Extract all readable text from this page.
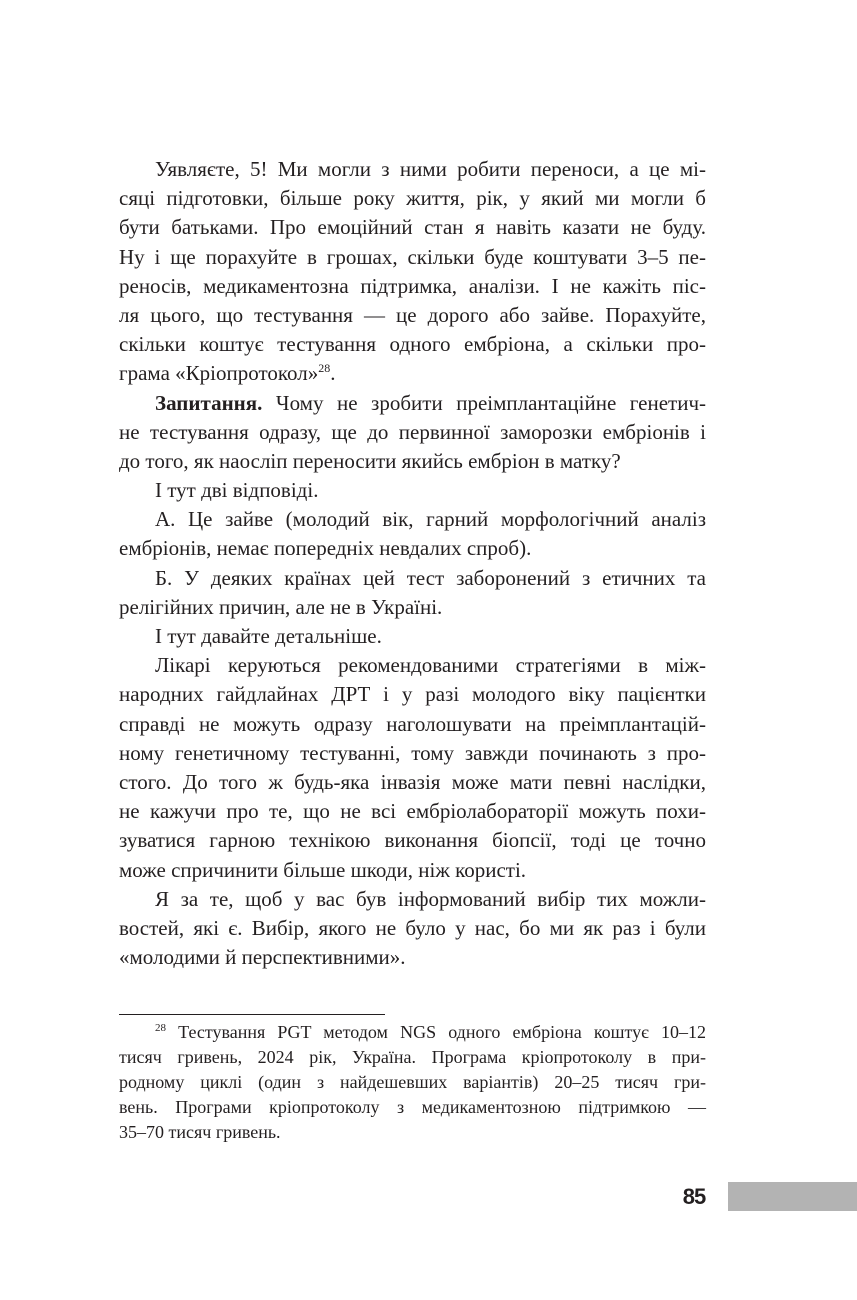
Уявляєте, 5! Ми могли з ними робити переноси, а це мі-
сяці підготовки, більше року життя, рік, у який ми могли б
бути батьками. Про емоційний стан я навіть казати не буду.
Ну і ще порахуйте в грошах, скільки буде коштувати 3–5 пе-
реносів, медикаментозна підтримка, аналізи. І не кажіть піс-
ля цього, що тестування — це дорого або зайве. Порахуйте,
скільки коштує тестування одного ембріона, а скільки про-
грама «Кріопротокол»$^{28}$.
Запитання. Чому не зробити преімплантаційне генетич-
не тестування одразу, ще до первинної заморозки ембріонів і
до того, як наосліп переносити якийсь ембріон в матку?
І тут дві відповіді.
А. Це зайве (молодий вік, гарний морфологічний аналіз
ембріонів, немає попередніх невдалих спроб).
Б. У деяких країнах цей тест заборонений з етичних та
релігійних причин, але не в Україні.
І тут давайте детальніше.
Лікарі керуються рекомендованими стратегіями в між-
народних гайдлайнах ДРТ і у разі молодого віку пацієнтки
справді не можуть одразу наголошувати на преімплантацій-
ному генетичному тестуванні, тому завжди починають з про-
стого. До того ж будь-яка інвазія може мати певні наслідки,
не кажучи про те, що не всі ембріолабораторії можуть похи-
зуватися гарною технікою виконання біопсії, тоді це точно
може спричинити більше шкоди, ніж користі.
Я за те, щоб у вас був інформований вибір тих можли-
востей, які є. Вибір, якого не було у нас, бо ми як раз і були
«молодими й перспективними».
$^{28}$ Тестування PGT методом NGS одного ембріона коштує 10–12
тисяч гривень, 2024 рік, Україна. Програма кріопротоколу в при-
родному циклі (один з найдешевших варіантів) 20–25 тисяч гри-
вень. Програми кріопротоколу з медикаментозною підтримкою —
35–70 тисяч гривень.
85
